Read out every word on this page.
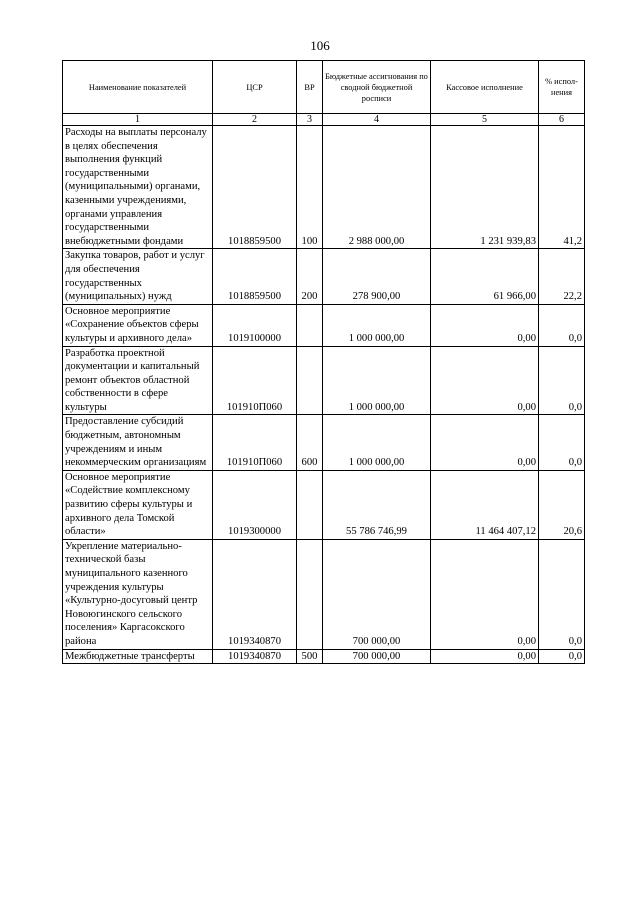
106
Наименование показателей	ЦСР	ВР	Бюджетные ассигнования по сводной бюджетной росписи	Кассовое исполнение	% испол-нения
1	2	3	4	5	6
Расходы на выплаты персоналу в целях обеспечения выполнения функций государственными (муниципальными) органами, казенными учреждениями, органами управления государственными внебюджетными фондами	1018859500	100	2 988 000,00	1 231 939,83	41,2
Закупка товаров, работ и услуг для обеспечения государственных (муниципальных) нужд	1018859500	200	278 900,00	61 966,00	22,2
Основное мероприятие «Сохранение объектов сферы культуры и архивного дела»	1019100000		1 000 000,00	0,00	0,0
Разработка проектной документации и капитальный ремонт объектов областной собственности в сфере культуры	101910П060		1 000 000,00	0,00	0,0
Предоставление субсидий бюджетным, автономным учреждениям и иным некоммерческим организациям	101910П060	600	1 000 000,00	0,00	0,0
Основное мероприятие «Содействие комплексному развитию сферы культуры и архивного дела Томской области»	1019300000		55 786 746,99	11 464 407,12	20,6
Укрепление материально-технической базы муниципального казенного учреждения культуры «Культурно-досуговый центр Новоюгинского сельского поселения» Каргасокского района	1019340870		700 000,00	0,00	0,0
Межбюджетные трансферты	1019340870	500	700 000,00	0,00	0,0
